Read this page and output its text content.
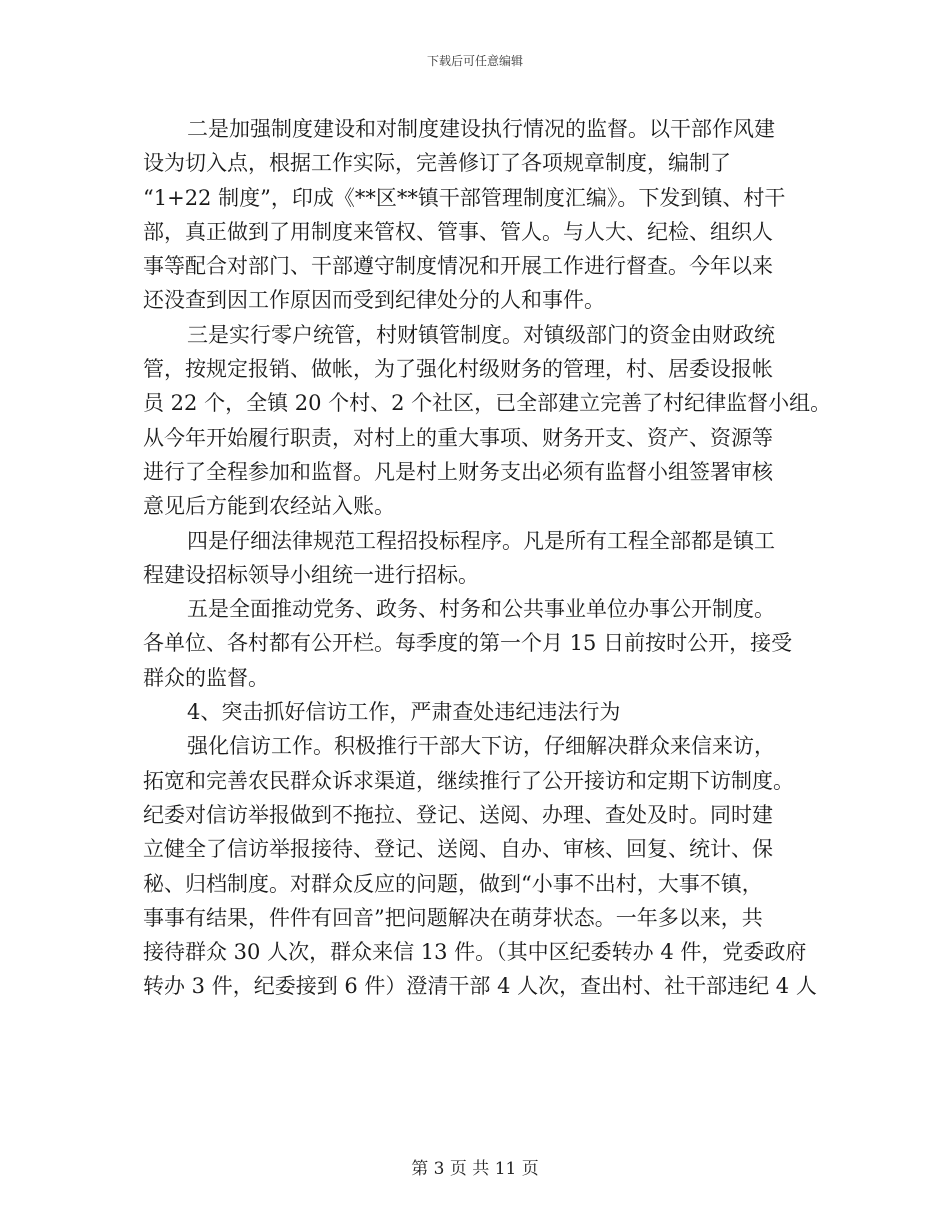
下载后可任意编辑
二是加强制度建设和对制度建设执行情况的监督。以干部作风建
设为切入点，根据工作实际，完善修订了各项规章制度，编制了
“1+22 制度”，印成《**区**镇干部管理制度汇编》。下发到镇、村干
部，真正做到了用制度来管权、管事、管人。与人大、纪检、组织人
事等配合对部门、干部遵守制度情况和开展工作进行督查。今年以来
还没查到因工作原因而受到纪律处分的人和事件。
三是实行零户统管，村财镇管制度。对镇级部门的资金由财政统
管，按规定报销、做帐，为了强化村级财务的管理，村、居委设报帐
员 22 个，全镇 20 个村、2 个社区，已全部建立完善了村纪律监督小组。
从今年开始履行职责，对村上的重大事项、财务开支、资产、资源等
进行了全程参加和监督。凡是村上财务支出必须有监督小组签署审核
意见后方能到农经站入账。
四是仔细法律规范工程招投标程序。凡是所有工程全部都是镇工
程建设招标领导小组统一进行招标。
五是全面推动党务、政务、村务和公共事业单位办事公开制度。
各单位、各村都有公开栏。每季度的第一个月 15 日前按时公开，接受
群众的监督。
4、突击抓好信访工作，严肃查处违纪违法行为
强化信访工作。积极推行干部大下访，仔细解决群众来信来访，
拓宽和完善农民群众诉求渠道，继续推行了公开接访和定期下访制度。
纪委对信访举报做到不拖拉、登记、送阅、办理、查处及时。同时建
立健全了信访举报接待、登记、送阅、自办、审核、回复、统计、保
秘、归档制度。对群众反应的问题，做到“小事不出村，大事不镇，
事事有结果，件件有回音”把问题解决在萌芽状态。一年多以来，共
接待群众 30 人次，群众来信 13 件。（其中区纪委转办 4 件，党委政府
转办 3 件，纪委接到 6 件）澄清干部 4 人次，查出村、社干部违纪 4 人
第 3 页 共 11 页
